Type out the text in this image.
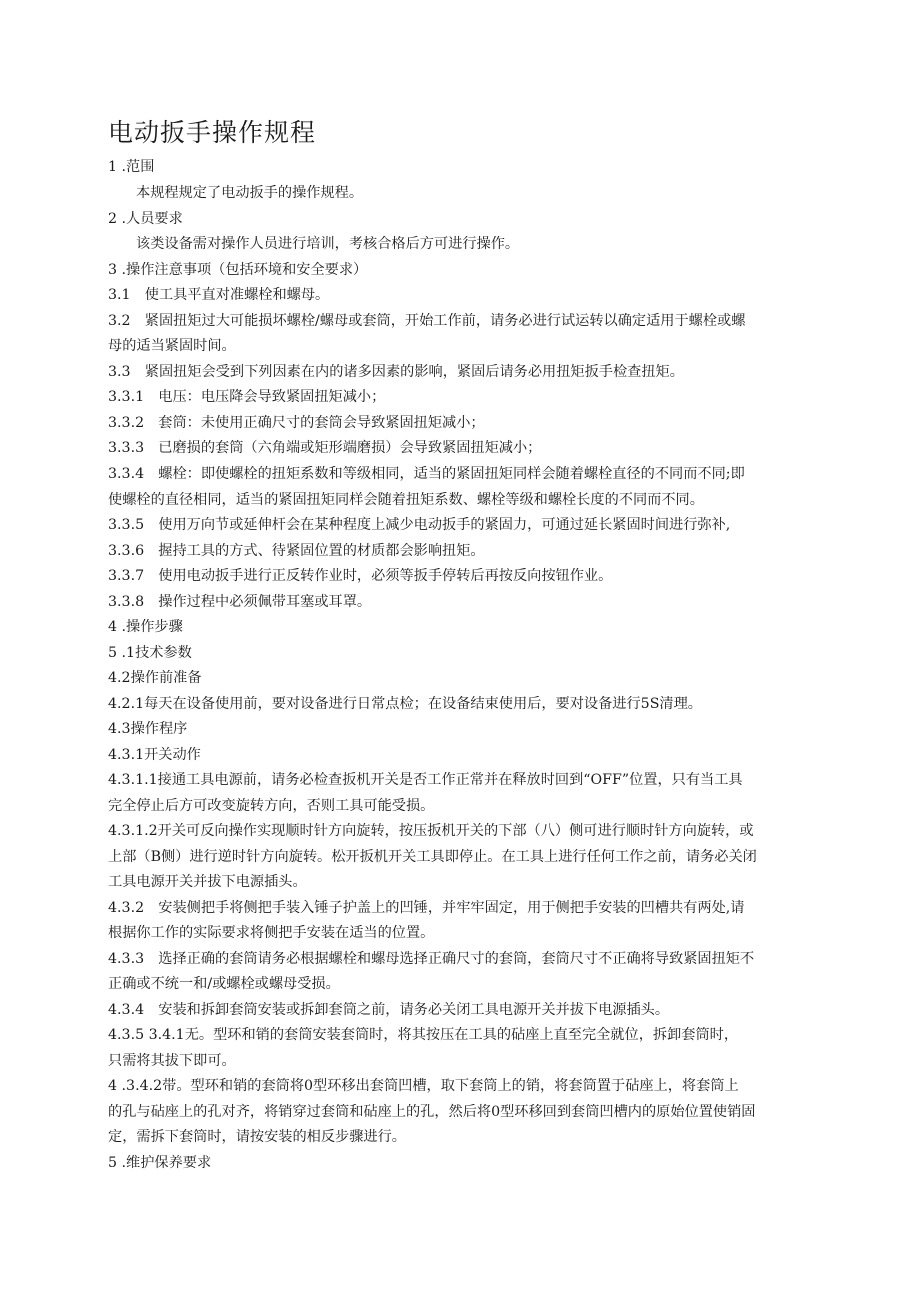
电动扳手操作规程
1 .范围
本规程规定了电动扳手的操作规程。
2 .人员要求
该类设备需对操作人员进行培训，考核合格后方可进行操作。
3 .操作注意事项（包括环境和安全要求）
3.1　使工具平直对准螺栓和螺母。
3.2　紧固扭矩过大可能损坏螺栓/螺母或套筒，开始工作前，请务必进行试运转以确定适用于螺栓或螺
母的适当紧固时间。
3.3　紧固扭矩会受到下列因素在内的诸多因素的影响，紧固后请务必用扭矩扳手检查扭矩。
3.3.1　电压：电压降会导致紧固扭矩减小；
3.3.2　套筒：未使用正确尺寸的套筒会导致紧固扭矩减小；
3.3.3　已磨损的套筒（六角端或矩形端磨损）会导致紧固扭矩减小；
3.3.4　螺栓：即使螺栓的扭矩系数和等级相同，适当的紧固扭矩同样会随着螺栓直径的不同而不同;即
使螺栓的直径相同，适当的紧固扭矩同样会随着扭矩系数、螺栓等级和螺栓长度的不同而不同。
3.3.5　使用万向节或延伸杆会在某种程度上减少电动扳手的紧固力，可通过延长紧固时间进行弥补,
3.3.6　握持工具的方式、待紧固位置的材质都会影响扭矩。
3.3.7　使用电动扳手进行正反转作业时，必须等扳手停转后再按反向按钮作业。
3.3.8　操作过程中必须佩带耳塞或耳罩。
4 .操作步骤
5 .1技术参数
4.2操作前准备
4.2.1每天在设备使用前，要对设备进行日常点检；在设备结束使用后，要对设备进行5S清理。
4.3操作程序
4.3.1开关动作
4.3.1.1接通工具电源前，请务必检查扳机开关是否工作正常并在释放时回到“OFF”位置，只有当工具
完全停止后方可改变旋转方向，否则工具可能受损。
4.3.1.2开关可反向操作实现顺时针方向旋转，按压扳机开关的下部（八）侧可进行顺时针方向旋转，或
上部（B侧）进行逆时针方向旋转。松开扳机开关工具即停止。在工具上进行任何工作之前，请务必关闭
工具电源开关并拔下电源插头。
4.3.2　安装侧把手将侧把手装入锤子护盖上的凹锤，并牢牢固定，用于侧把手安装的凹槽共有两处,请
根据你工作的实际要求将侧把手安装在适当的位置。
4.3.3　选择正确的套筒请务必根据螺栓和螺母选择正确尺寸的套筒，套筒尺寸不正确将导致紧固扭矩不
正确或不统一和/或螺栓或螺母受损。
4.3.4　安装和拆卸套筒安装或拆卸套筒之前，请务必关闭工具电源开关并拔下电源插头。
4.3.5 3.4.1无。型环和销的套筒安装套筒时，将其按压在工具的砧座上直至完全就位，拆卸套筒时，
只需将其拔下即可。
4 .3.4.2带。型环和销的套筒将0型环移出套筒凹槽，取下套筒上的销，将套筒置于砧座上，将套筒上
的孔与砧座上的孔对齐，将销穿过套筒和砧座上的孔，然后将0型环移回到套筒凹槽内的原始位置使销固
定，需拆下套筒时，请按安装的相反步骤进行。
5 .维护保养要求
